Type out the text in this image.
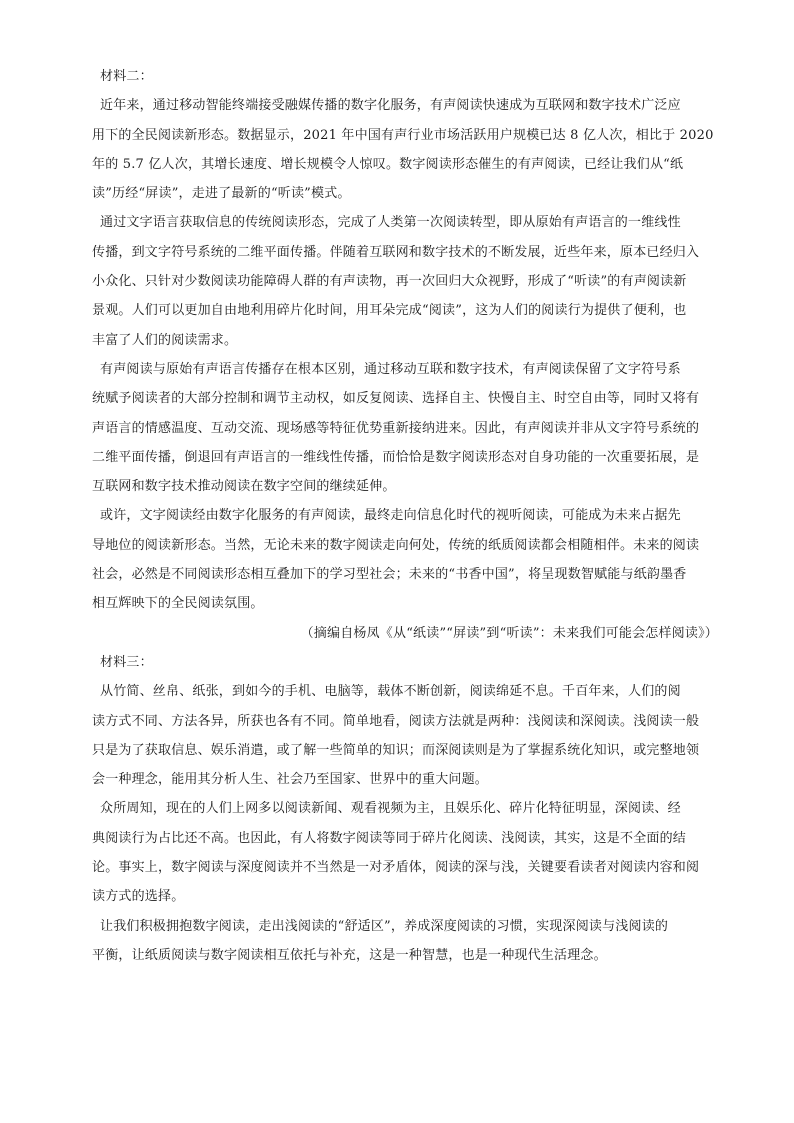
材料二：

近年来，通过移动智能终端接受融媒传播的数字化服务，有声阅读快速成为互联网和数字技术广泛应

用下的全民阅读新形态。数据显示，2021 年中国有声行业市场活跃用户规模已达 8 亿人次，相比于 2020

年的 5.7 亿人次，其增长速度、增长规模令人惊叹。数字阅读形态催生的有声阅读，已经让我们从“纸

读”历经“屏读”，走进了最新的“听读”模式。

通过文字语言获取信息的传统阅读形态，完成了人类第一次阅读转型，即从原始有声语言的一维线性

传播，到文字符号系统的二维平面传播。伴随着互联网和数字技术的不断发展，近些年来，原本已经归入

小众化、只针对少数阅读功能障碍人群的有声读物，再一次回归大众视野，形成了“听读”的有声阅读新

景观。人们可以更加自由地利用碎片化时间，用耳朵完成“阅读”，这为人们的阅读行为提供了便利，也

丰富了人们的阅读需求。

有声阅读与原始有声语言传播存在根本区别，通过移动互联和数字技术，有声阅读保留了文字符号系

统赋予阅读者的大部分控制和调节主动权，如反复阅读、选择自主、快慢自主、时空自由等，同时又将有

声语言的情感温度、互动交流、现场感等特征优势重新接纳进来。因此，有声阅读并非从文字符号系统的

二维平面传播，倒退回有声语言的一维线性传播，而恰恰是数字阅读形态对自身功能的一次重要拓展，是

互联网和数字技术推动阅读在数字空间的继续延伸。

或许，文字阅读经由数字化服务的有声阅读，最终走向信息化时代的视听阅读，可能成为未来占据先

导地位的阅读新形态。当然，无论未来的数字阅读走向何处，传统的纸质阅读都会相随相伴。未来的阅读

社会，必然是不同阅读形态相互叠加下的学习型社会；未来的“书香中国”，将呈现数智赋能与纸韵墨香

相互辉映下的全民阅读氛围。

（摘编自杨凤《从“纸读”“屏读”到“听读”：未来我们可能会怎样阅读》）

材料三：

从竹简、丝帛、纸张，到如今的手机、电脑等，载体不断创新，阅读绵延不息。千百年来，人们的阅

读方式不同、方法各异，所获也各有不同。简单地看，阅读方法就是两种：浅阅读和深阅读。浅阅读一般

只是为了获取信息、娱乐消遣，或了解一些简单的知识；而深阅读则是为了掌握系统化知识，或完整地领

会一种理念，能用其分析人生、社会乃至国家、世界中的重大问题。

众所周知，现在的人们上网多以阅读新闻、观看视频为主，且娱乐化、碎片化特征明显，深阅读、经

典阅读行为占比还不高。也因此，有人将数字阅读等同于碎片化阅读、浅阅读，其实，这是不全面的结

论。事实上，数字阅读与深度阅读并不当然是一对矛盾体，阅读的深与浅，关键要看读者对阅读内容和阅

读方式的选择。

让我们积极拥抱数字阅读，走出浅阅读的“舒适区”，养成深度阅读的习惯，实现深阅读与浅阅读的

平衡，让纸质阅读与数字阅读相互依托与补充，这是一种智慧，也是一种现代生活理念。
